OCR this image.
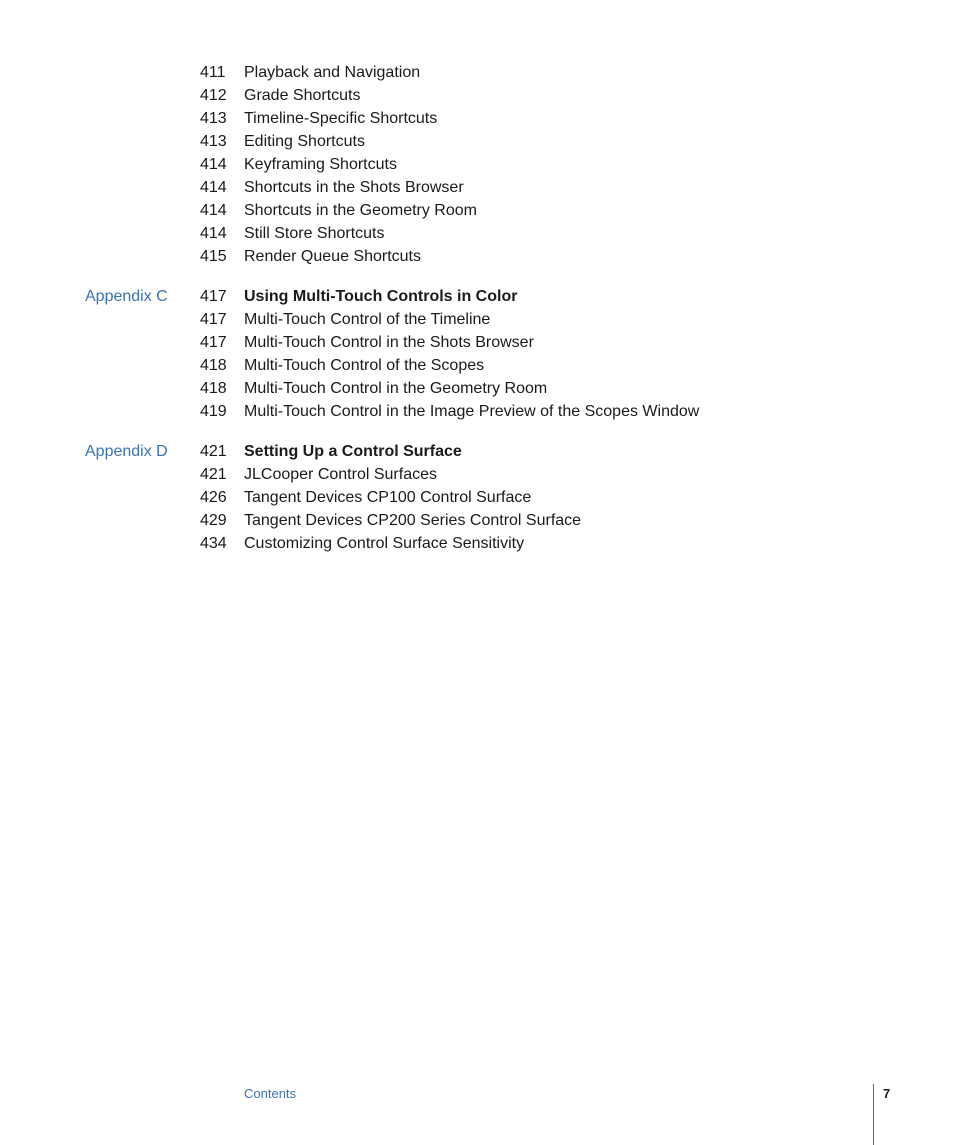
411 Playback and Navigation
412 Grade Shortcuts
413 Timeline-Specific Shortcuts
413 Editing Shortcuts
414 Keyframing Shortcuts
414 Shortcuts in the Shots Browser
414 Shortcuts in the Geometry Room
414 Still Store Shortcuts
415 Render Queue Shortcuts
Appendix C 417 Using Multi-Touch Controls in Color
417 Multi-Touch Control of the Timeline
417 Multi-Touch Control in the Shots Browser
418 Multi-Touch Control of the Scopes
418 Multi-Touch Control in the Geometry Room
419 Multi-Touch Control in the Image Preview of the Scopes Window
Appendix D 421 Setting Up a Control Surface
421 JLCooper Control Surfaces
426 Tangent Devices CP100 Control Surface
429 Tangent Devices CP200 Series Control Surface
434 Customizing Control Surface Sensitivity
Contents	7
